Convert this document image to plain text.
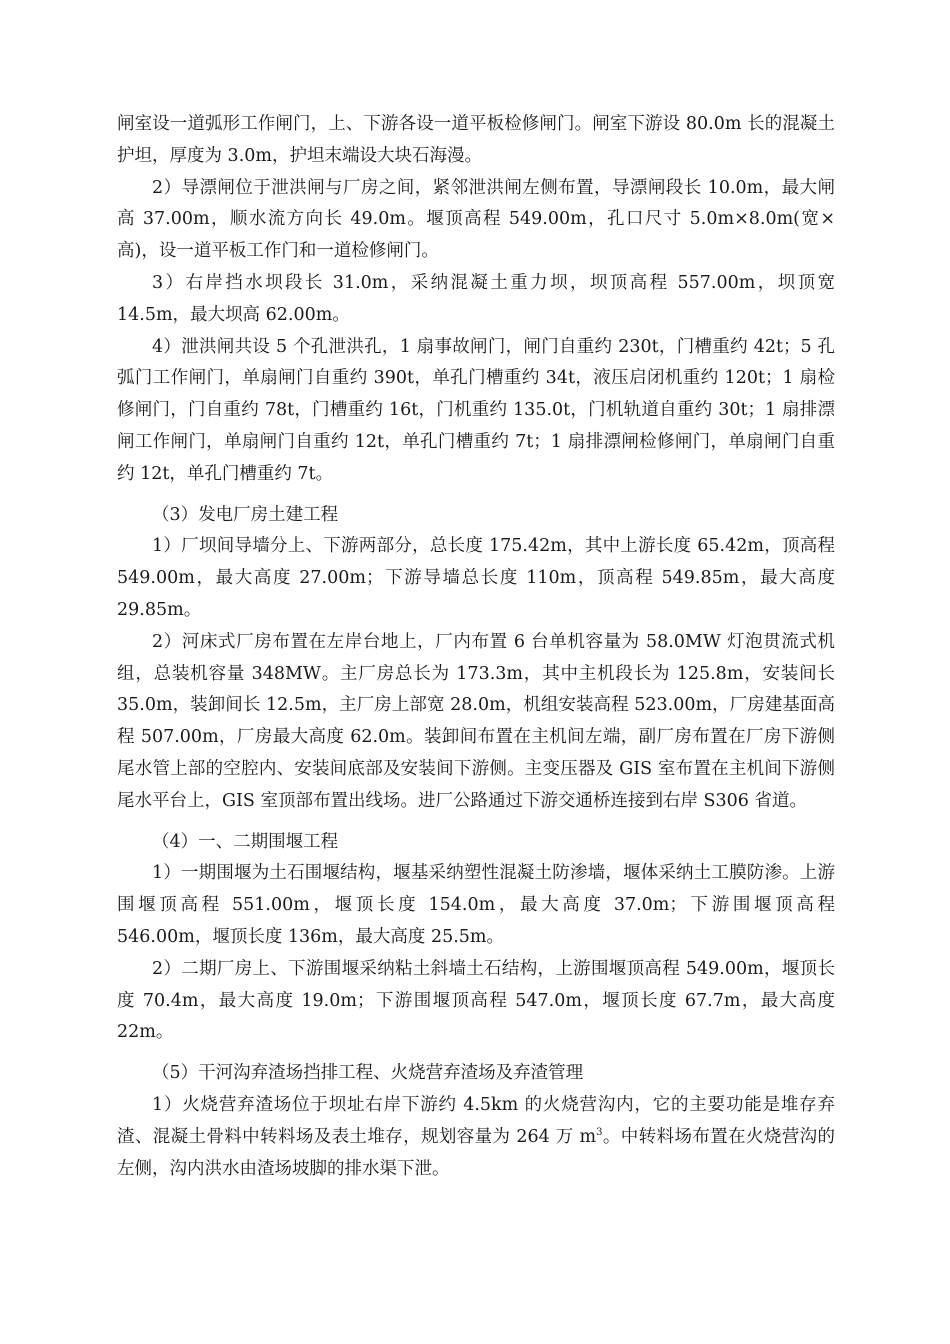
闸室设一道弧形工作闸门，上、下游各设一道平板检修闸门。闸室下游设 80.0m 长的混凝土护坦，厚度为 3.0m，护坦末端设大块石海漫。

2）导漂闸位于泄洪闸与厂房之间，紧邻泄洪闸左侧布置，导漂闸段长 10.0m，最大闸高 37.00m，顺水流方向长 49.0m。堰顶高程 549.00m，孔口尺寸 5.0m×8.0m(宽×高)，设一道平板工作门和一道检修闸门。

3）右岸挡水坝段长 31.0m，采纳混凝土重力坝，坝顶高程 557.00m，坝顶宽 14.5m，最大坝高 62.00m。

4）泄洪闸共设 5 个孔泄洪孔，1 扇事故闸门，闸门自重约 230t，门槽重约 42t；5 孔弧门工作闸门，单扇闸门自重约 390t，单孔门槽重约 34t，液压启闭机重约 120t；1 扇检修闸门，门自重约 78t，门槽重约 16t，门机重约 135.0t，门机轨道自重约 30t；1 扇排漂闸工作闸门，单扇闸门自重约 12t，单孔门槽重约 7t；1 扇排漂闸检修闸门，单扇闸门自重约 12t，单孔门槽重约 7t。

（3）发电厂房土建工程

1）厂坝间导墙分上、下游两部分，总长度 175.42m，其中上游长度 65.42m，顶高程 549.00m，最大高度 27.00m；下游导墙总长度 110m，顶高程 549.85m，最大高度 29.85m。

2）河床式厂房布置在左岸台地上，厂内布置 6 台单机容量为 58.0MW 灯泡贯流式机组，总装机容量 348MW。主厂房总长为 173.3m，其中主机段长为 125.8m，安装间长 35.0m，装卸间长 12.5m，主厂房上部宽 28.0m，机组安装高程 523.00m，厂房建基面高程 507.00m，厂房最大高度 62.0m。装卸间布置在主机间左端，副厂房布置在厂房下游侧尾水管上部的空腔内、安装间底部及安装间下游侧。主变压器及 GIS 室布置在主机间下游侧尾水平台上，GIS 室顶部布置出线场。进厂公路通过下游交通桥连接到右岸 S306 省道。

（4）一、二期围堰工程

1）一期围堰为土石围堰结构，堰基采纳塑性混凝土防渗墙，堰体采纳土工膜防渗。上游围堰顶高程 551.00m，堰顶长度 154.0m，最大高度 37.0m；下游围堰顶高程 546.00m，堰顶长度 136m，最大高度 25.5m。

2）二期厂房上、下游围堰采纳粘土斜墙土石结构，上游围堰顶高程 549.00m，堰顶长度 70.4m，最大高度 19.0m；下游围堰顶高程 547.0m，堰顶长度 67.7m，最大高度 22m。

（5）干河沟弃渣场挡排工程、火烧营弃渣场及弃渣管理

1）火烧营弃渣场位于坝址右岸下游约 4.5km 的火烧营沟内，它的主要功能是堆存弃渣、混凝土骨料中转料场及表土堆存，规划容量为 264 万 $m^3$。中转料场布置在火烧营沟的左侧，沟内洪水由渣场坡脚的排水渠下泄。
